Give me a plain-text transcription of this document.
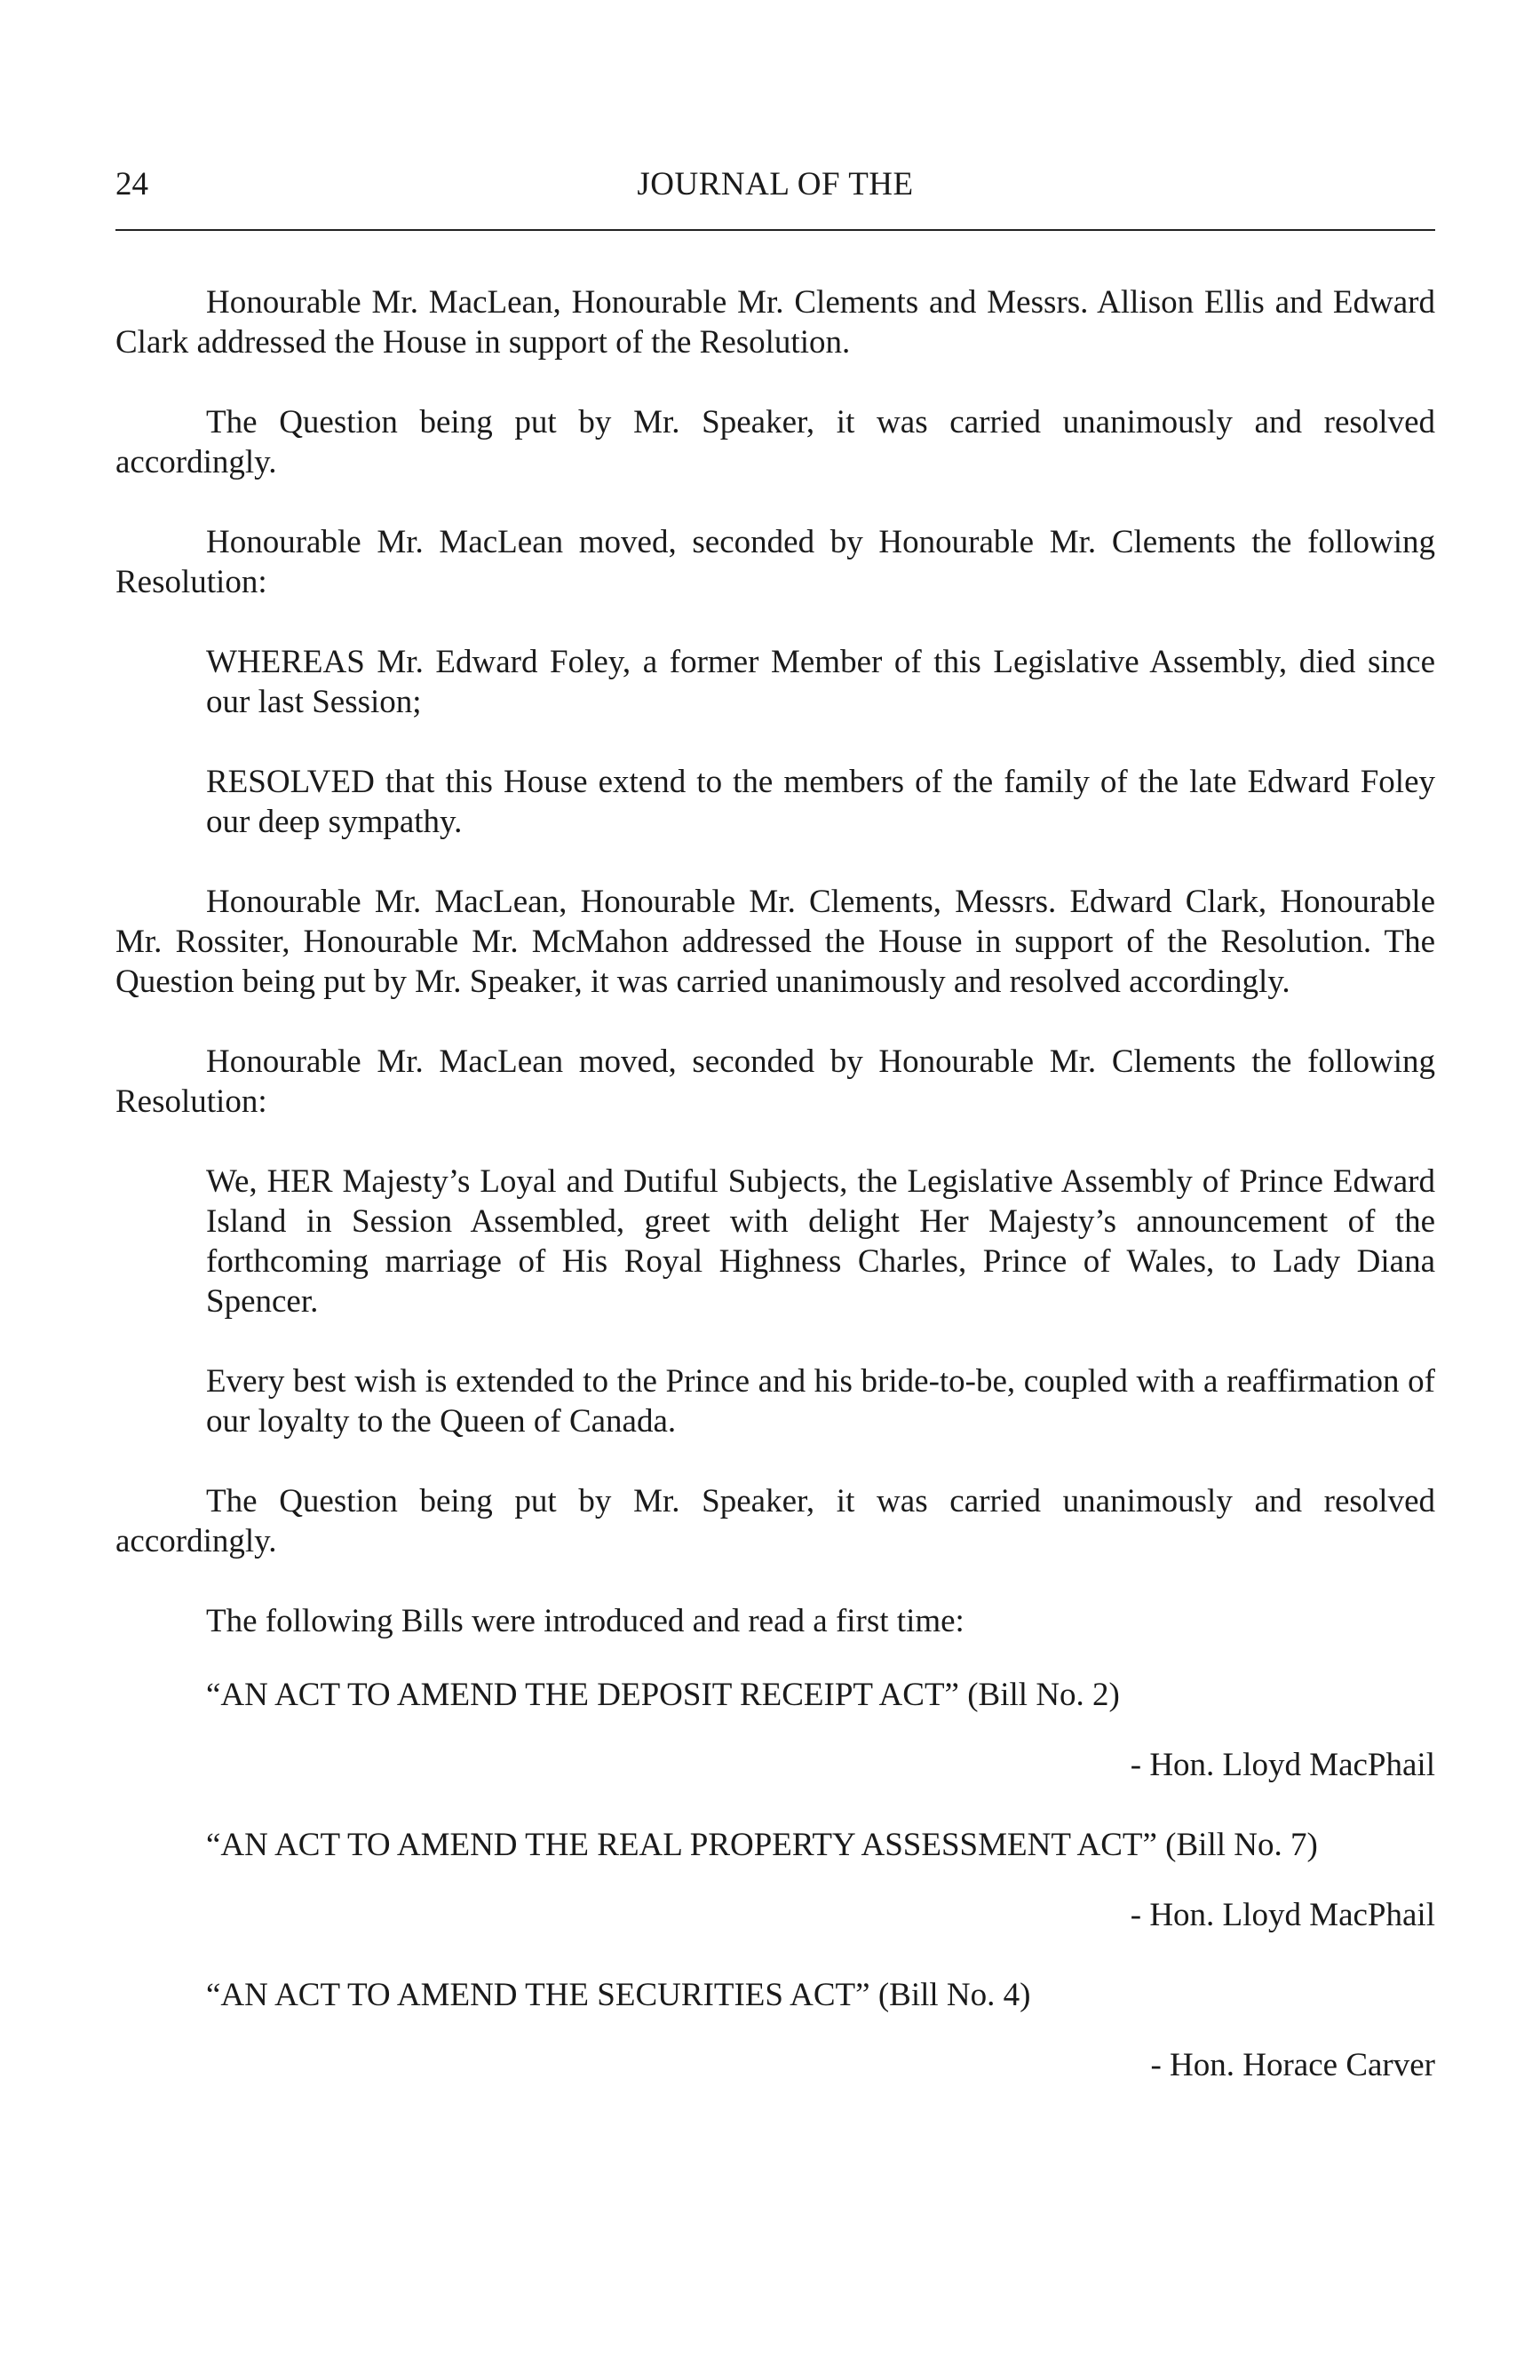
24	JOURNAL OF THE

Honourable Mr. MacLean, Honourable Mr. Clements and Messrs. Allison Ellis and Edward Clark addressed the House in support of the Resolution.

The Question being put by Mr. Speaker, it was carried unanimously and resolved accordingly.

Honourable Mr. MacLean moved, seconded by Honourable Mr. Clements the following Resolution:

WHEREAS Mr. Edward Foley, a former Member of this Legislative Assembly, died since our last Session;

RESOLVED that this House extend to the members of the family of the late Edward Foley our deep sympathy.

Honourable Mr. MacLean, Honourable Mr. Clements, Messrs. Edward Clark, Honourable Mr. Rossiter, Honourable Mr. McMahon addressed the House in support of the Resolution. The Question being put by Mr. Speaker, it was carried unanimously and resolved accordingly.

Honourable Mr. MacLean moved, seconded by Honourable Mr. Clements the following Resolution:

We, HER Majesty’s Loyal and Dutiful Subjects, the Legislative Assembly of Prince Edward Island in Session Assembled, greet with delight Her Majesty’s announcement of the forthcoming marriage of His Royal Highness Charles, Prince of Wales, to Lady Diana Spencer.

Every best wish is extended to the Prince and his bride-to-be, coupled with a reaffirmation of our loyalty to the Queen of Canada.

The Question being put by Mr. Speaker, it was carried unanimously and resolved accordingly.

The following Bills were introduced and read a first time:

“AN ACT TO AMEND THE DEPOSIT RECEIPT ACT” (Bill No. 2)

- Hon. Lloyd MacPhail

“AN ACT TO AMEND THE REAL PROPERTY ASSESSMENT ACT” (Bill No. 7)

- Hon. Lloyd MacPhail

“AN ACT TO AMEND THE SECURITIES ACT” (Bill No. 4)

- Hon. Horace Carver
